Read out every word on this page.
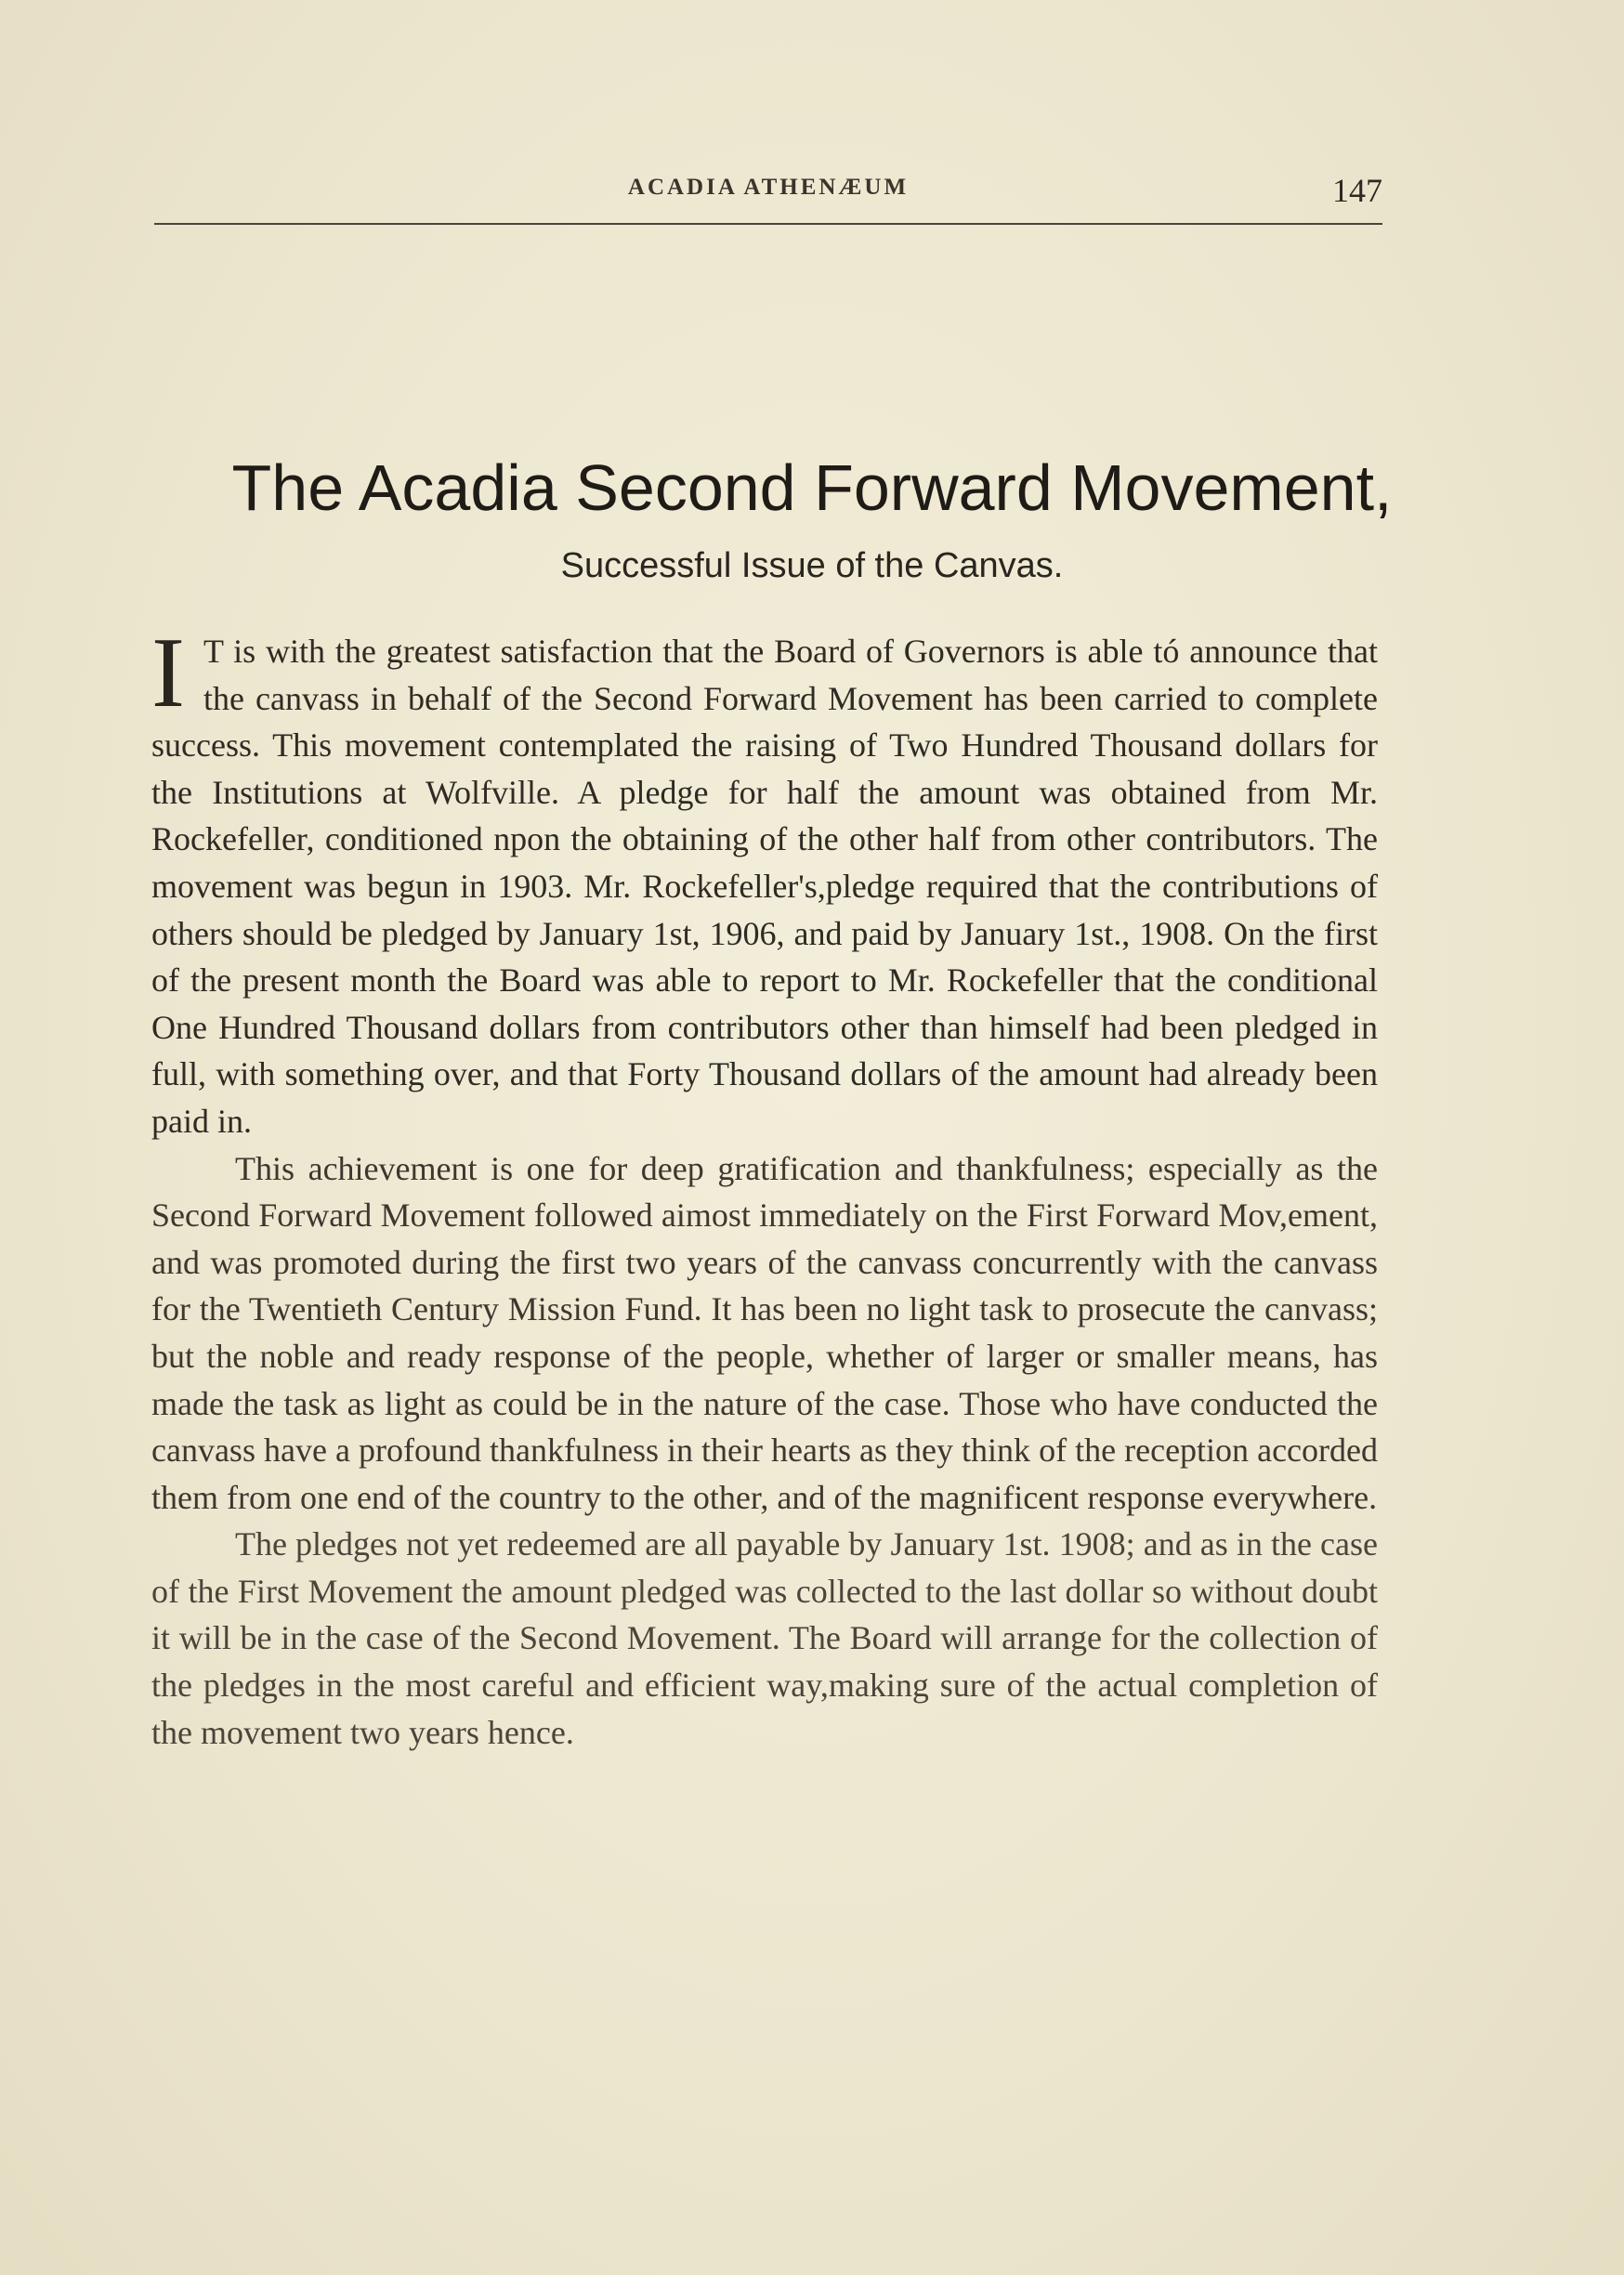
ACADIA ATHENÆUM	147
The Acadia Second Forward Movement,
Successful Issue of the Canvas.

I T is with the greatest satisfaction that the Board of Governors is able tó announce that the canvass in behalf of the Second Forward Movement has been carried to complete success. This movement contemplated the raising of Two Hundred Thousand dollars for the Institutions at Wolfville. A pledge for half the amount was obtained from Mr. Rockefeller, conditioned npon the obtaining of the other half from other contributors. The movement was begun in 1903. Mr. Rockefeller's,pledge required that the contributions of others should be pledged by January 1st, 1906, and paid by January 1st., 1908. On the first of the present month the Board was able to report to Mr. Rockefeller that the conditional One Hundred Thousand dollars from contributors other than himself had been pledged in full, with something over, and that Forty Thousand dollars of the amount had already been paid in.

This achievement is one for deep gratification and thankfulness; especially as the Second Forward Movement followed aimost immediately on the First Forward Mov,ement, and was promoted during the first two years of the canvass concurrently with the canvass for the Twentieth Century Mission Fund. It has been no light task to prosecute the canvass; but the noble and ready response of the people, whether of larger or smaller means, has made the task as light as could be in the nature of the case. Those who have conducted the canvass have a profound thankfulness in their hearts as they think of the reception accorded them from one end of the country to the other, and of the magnificent response everywhere.

The pledges not yet redeemed are all payable by January 1st. 1908; and as in the case of the First Movement the amount pledged was collected to the last dollar so without doubt it will be in the case of the Second Movement. The Board will arrange for the collection of the pledges in the most careful and efficient way,making sure of the actual completion of the movement two years hence.
